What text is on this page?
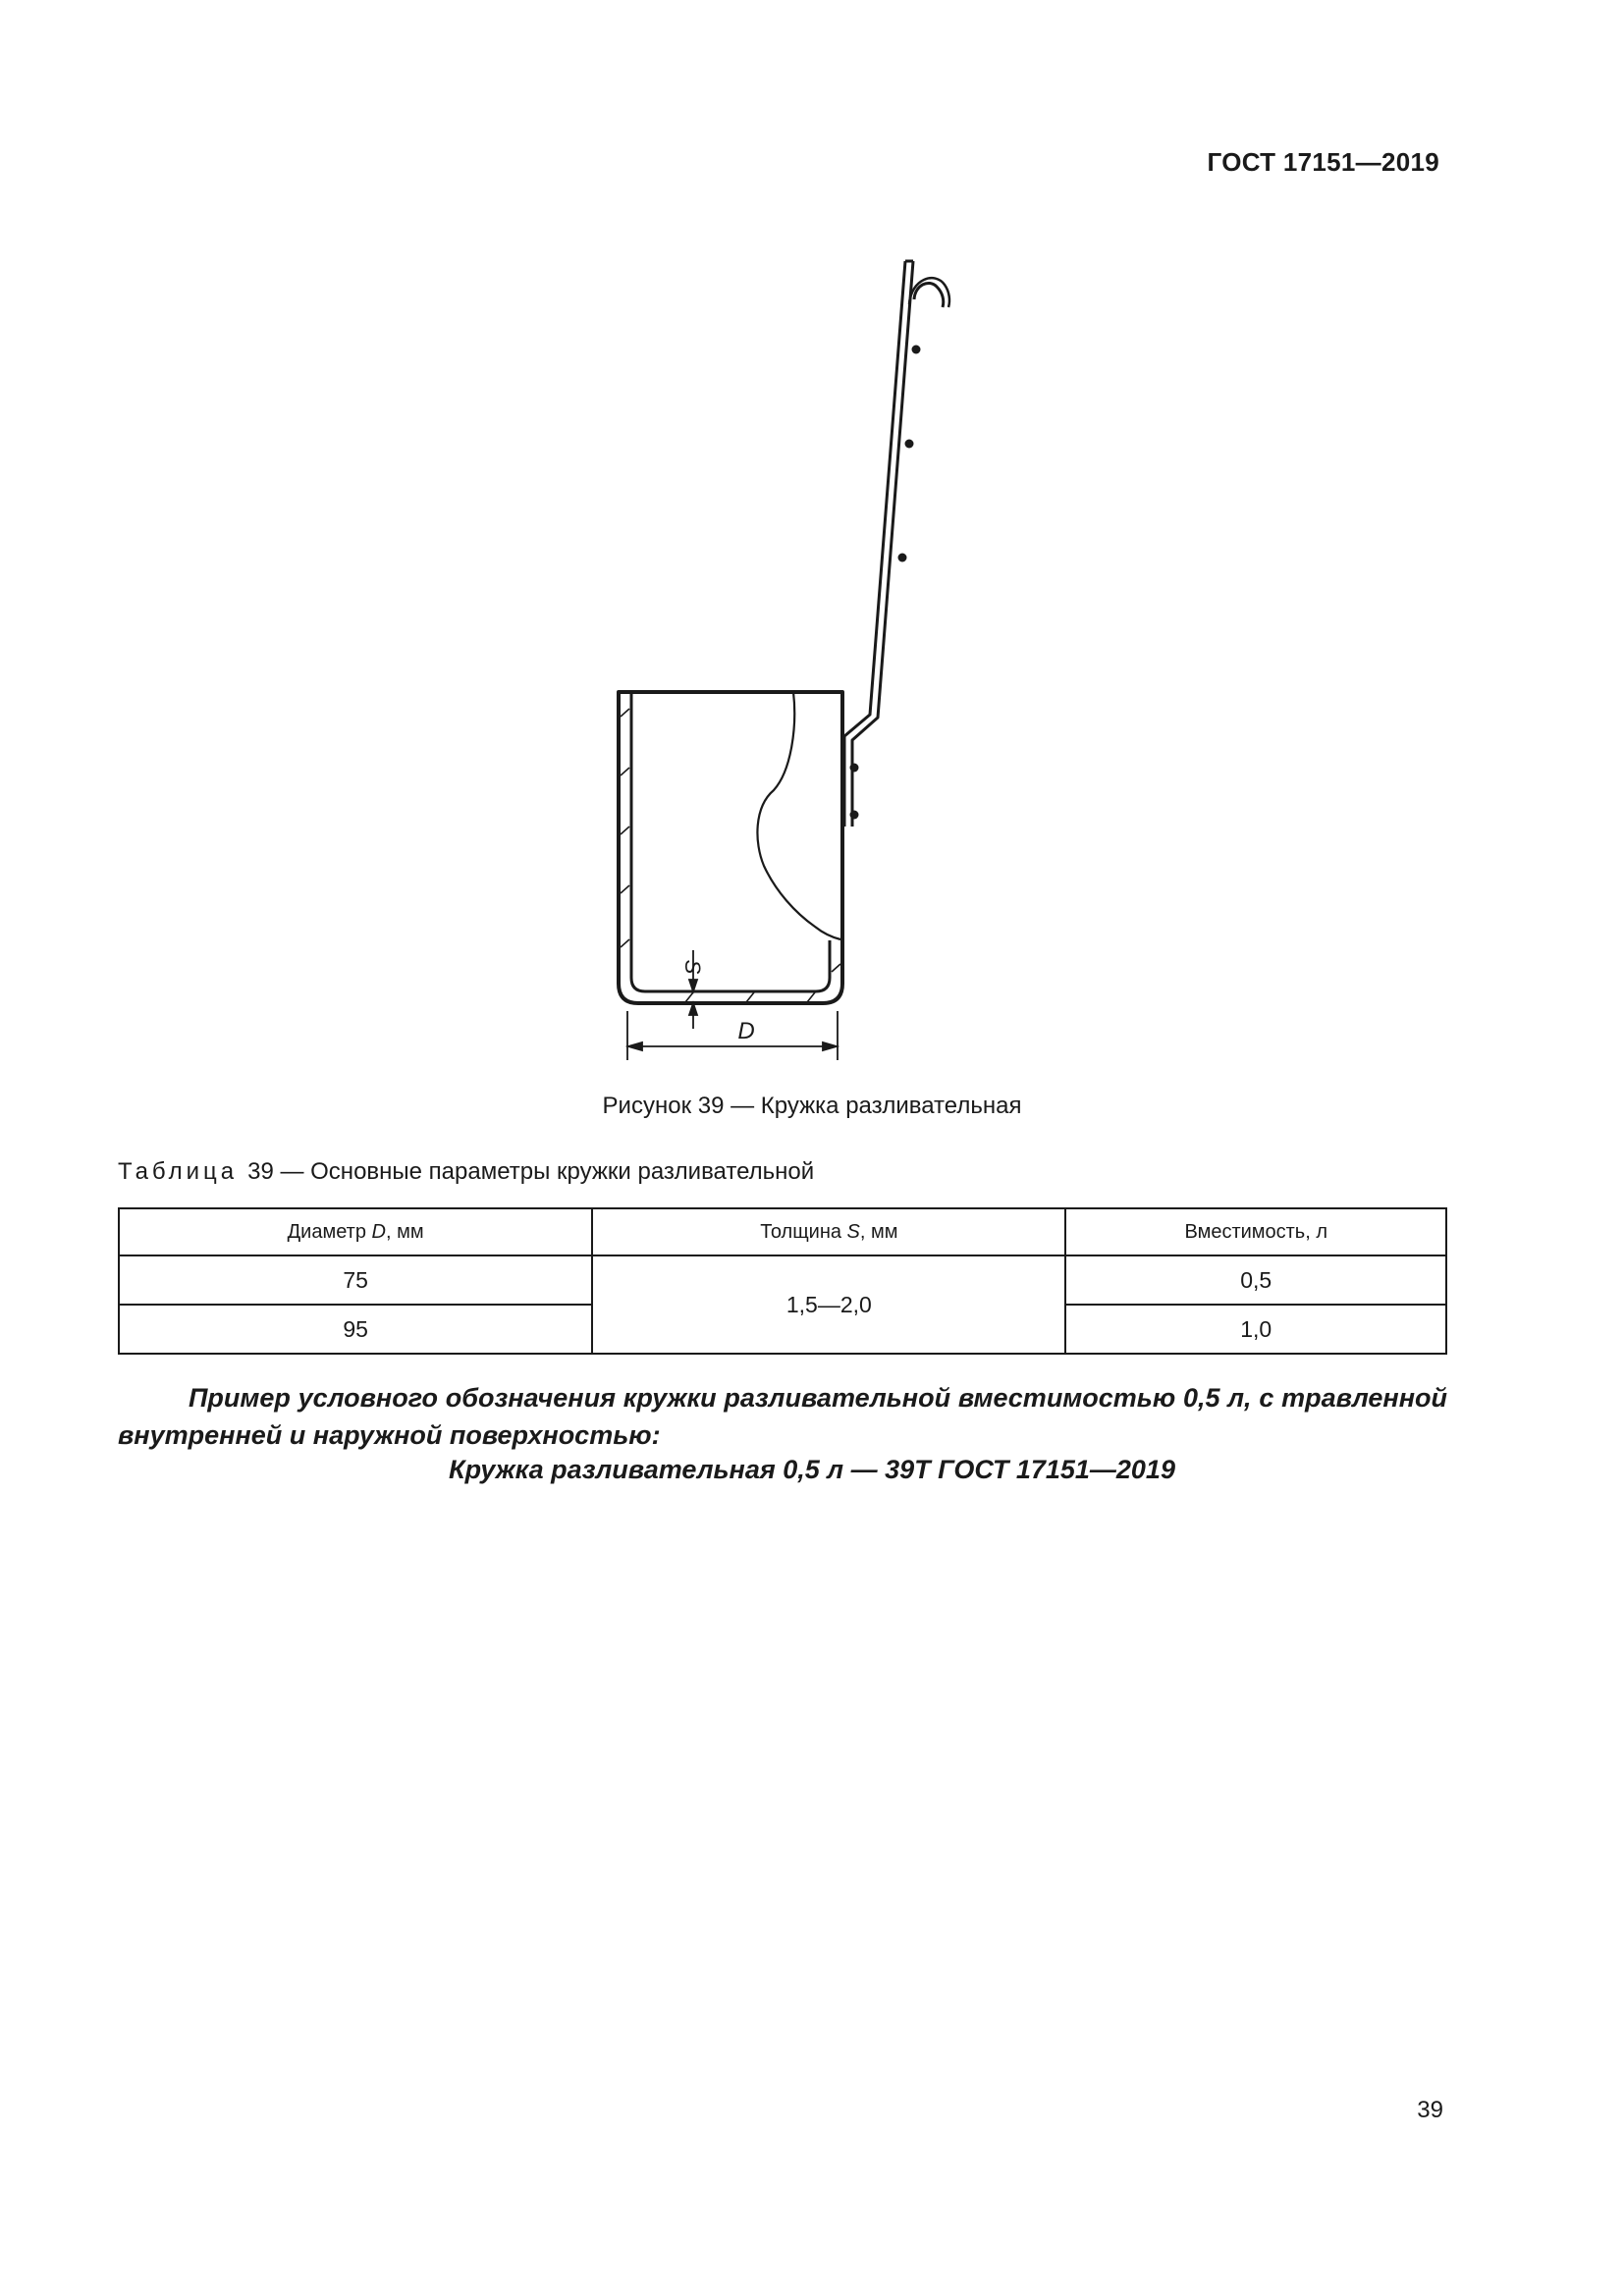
ГОСТ 17151—2019
S
D
Рисунок 39 — Кружка разливательная
Таблица 39 — Основные параметры кружки разливательной
Диаметр D, мм	Толщина S, мм	Вместимость, л
75	1,5—2,0	0,5
95		1,0
Пример условного обозначения кружки разливательной вместимостью 0,5 л, с травленной внутренней и наружной поверхностью:
Кружка разливательная 0,5 л — 39Т ГОСТ 17151—2019
39
